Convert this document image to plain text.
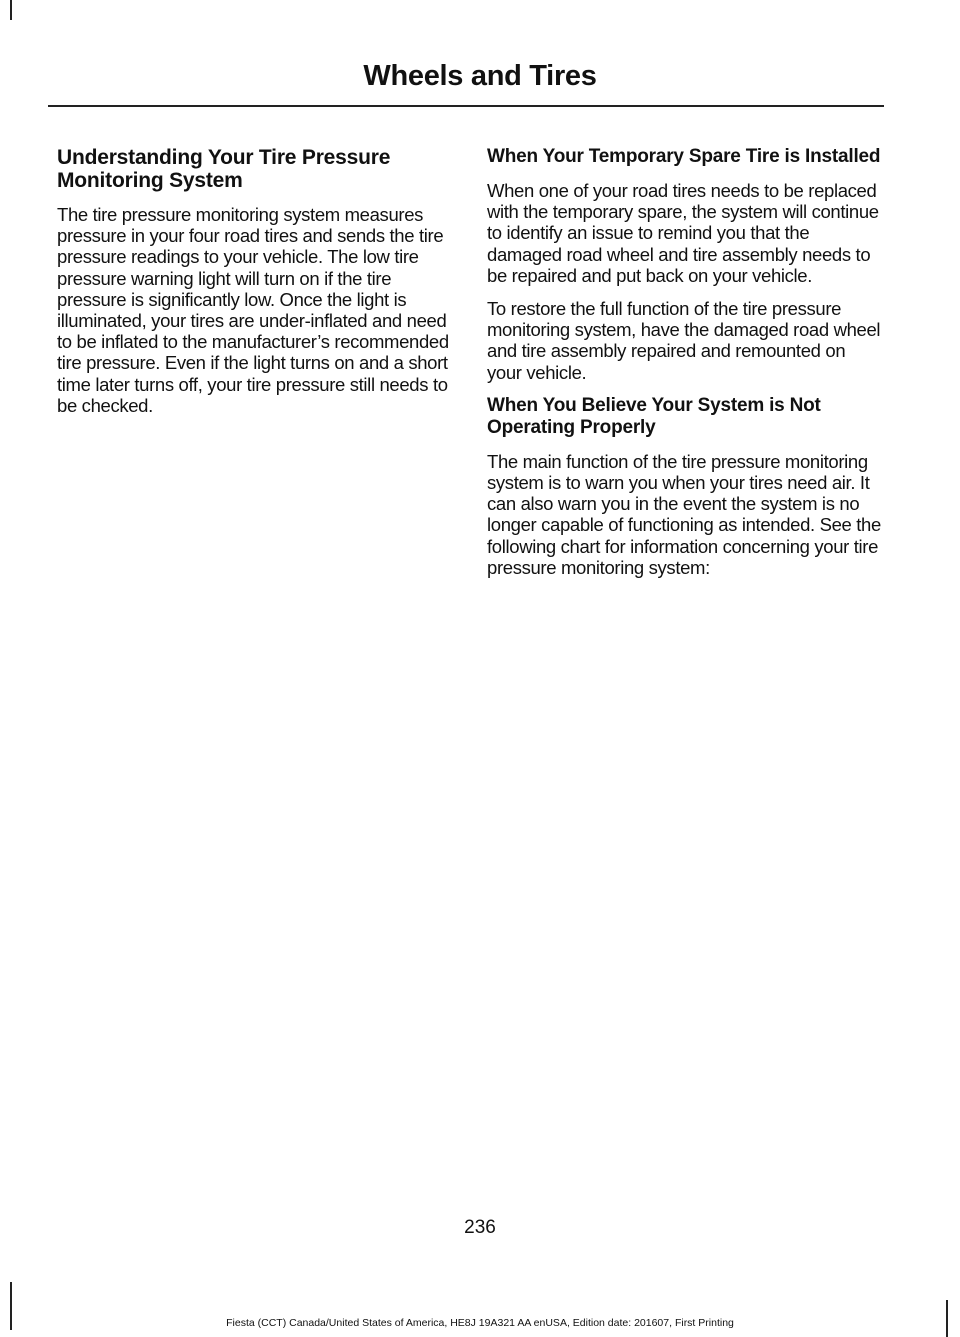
Wheels and Tires
Understanding Your Tire Pressure Monitoring System

The tire pressure monitoring system measures pressure in your four road tires and sends the tire pressure readings to your vehicle. The low tire pressure warning light will turn on if the tire pressure is significantly low. Once the light is illuminated, your tires are under-inflated and need to be inflated to the manufacturer’s recommended tire pressure. Even if the light turns on and a short time later turns off, your tire pressure still needs to be checked.

When Your Temporary Spare Tire is Installed

When one of your road tires needs to be replaced with the temporary spare, the system will continue to identify an issue to remind you that the damaged road wheel and tire assembly needs to be repaired and put back on your vehicle.

To restore the full function of the tire pressure monitoring system, have the damaged road wheel and tire assembly repaired and remounted on your vehicle.

When You Believe Your System is Not Operating Properly

The main function of the tire pressure monitoring system is to warn you when your tires need air. It can also warn you in the event the system is no longer capable of functioning as intended. See the following chart for information concerning your tire pressure monitoring system:

236
Fiesta (CCT) Canada/United States of America, HE8J 19A321 AA enUSA, Edition date: 201607, First Printing
